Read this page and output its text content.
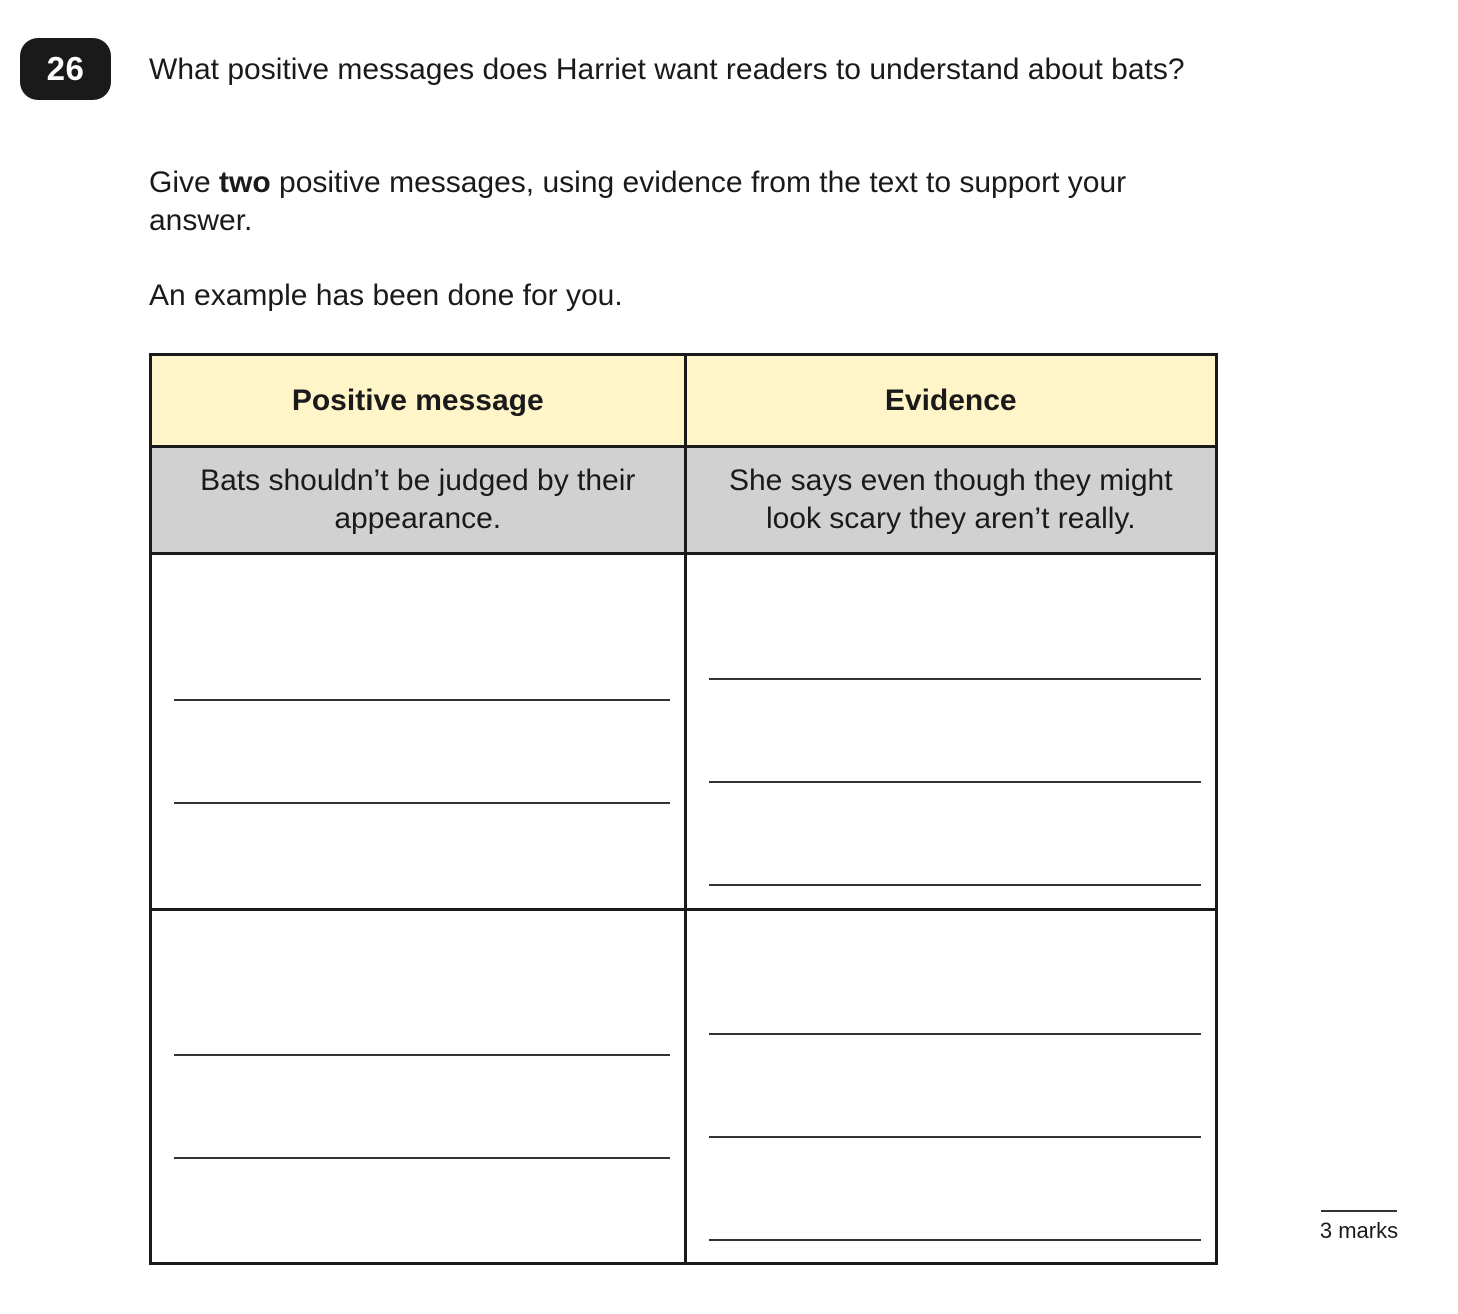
26	What positive messages does Harriet want readers to understand about bats?

Give two positive messages, using evidence from the text to support your answer.

An example has been done for you.

Positive message	Evidence
Bats shouldn’t be judged by their appearance.
She says even though they might look scary they aren’t really.
3 marks
